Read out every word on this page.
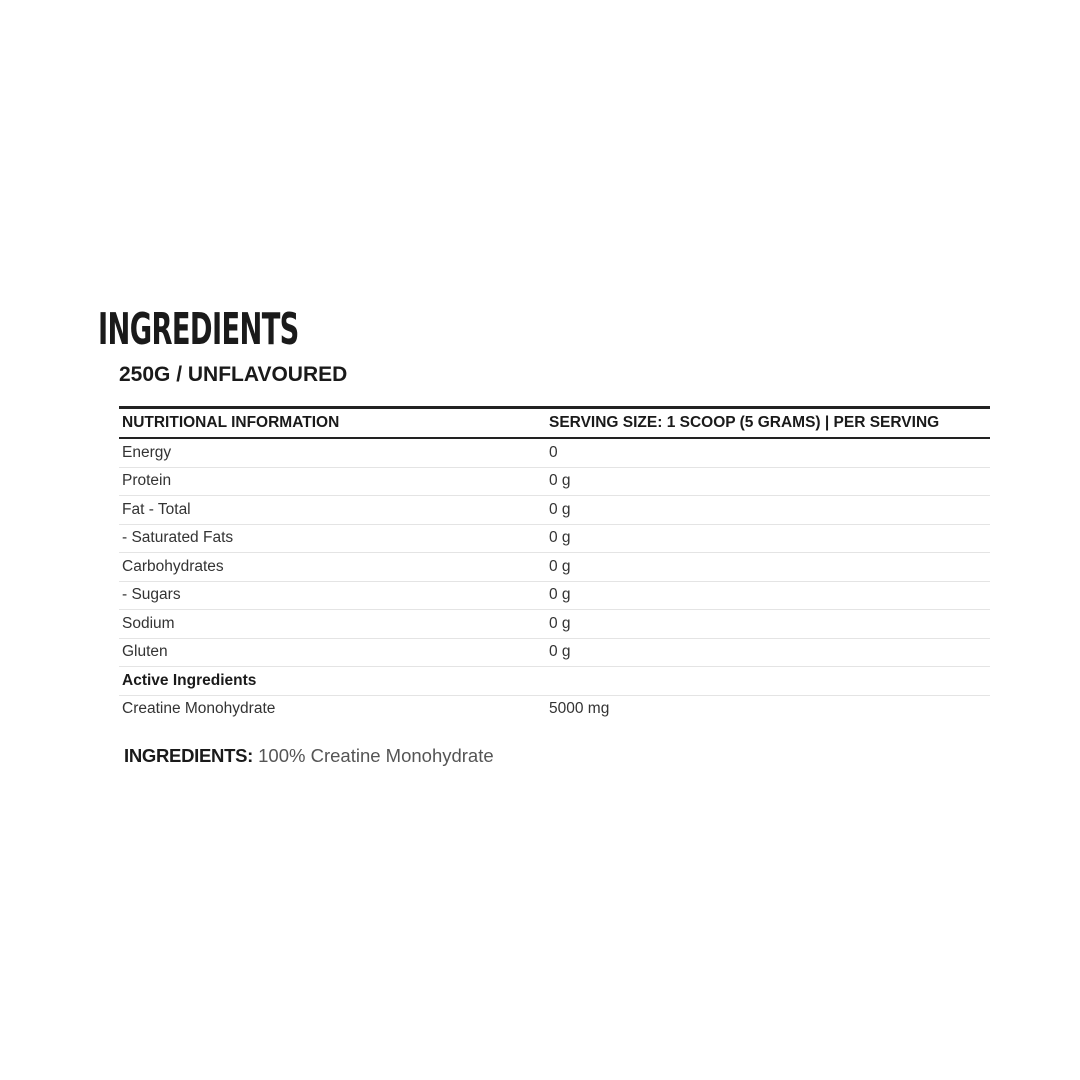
INGREDIENTS
250G / UNFLAVOURED
NUTRITIONAL INFORMATION	SERVING SIZE: 1 SCOOP (5 GRAMS) | PER SERVING
Energy	0
Protein	0 g
Fat - Total	0 g
- Saturated Fats	0 g
Carbohydrates	0 g
- Sugars	0 g
Sodium	0 g
Gluten	0 g
Active Ingredients	
Creatine Monohydrate	5000 mg

INGREDIENTS: 100% Creatine Monohydrate
